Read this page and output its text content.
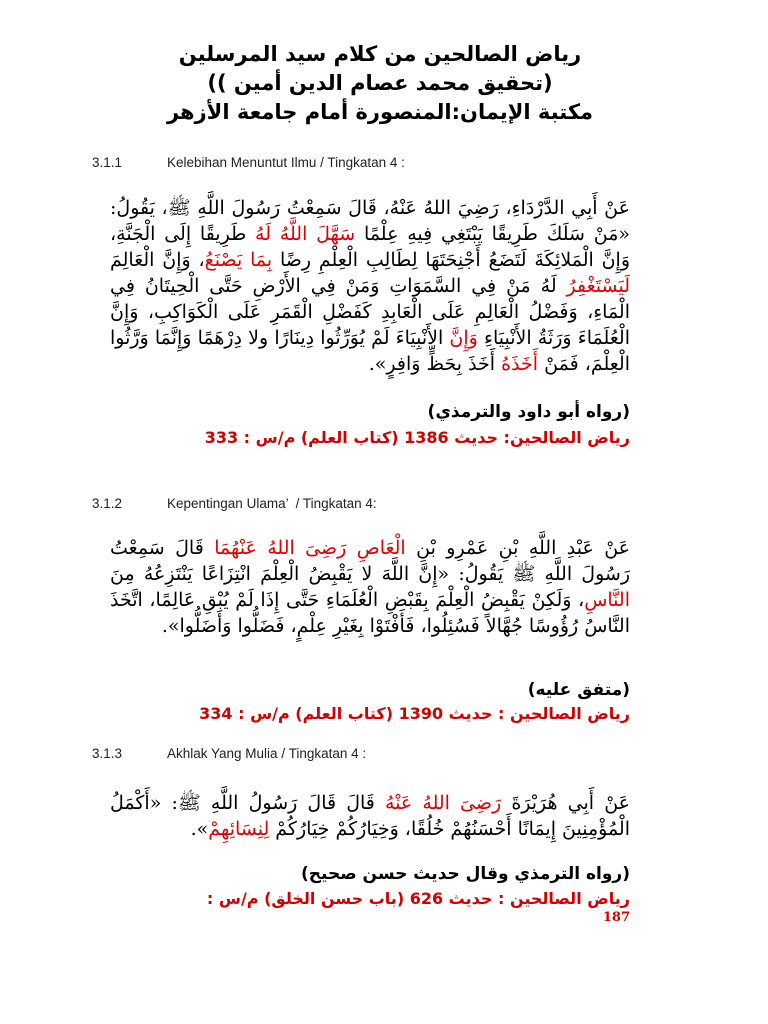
رياض الصالحين من كلام سيد المرسلين
(تحقيق محمد عصام الدين أمين ))
مكتبة الإيمان:المنصورة أمام جامعة الأزهر
3.1.1	Kelebihan Menuntut Ilmu / Tingkatan 4 :
عَنْ أَبِي الدَّرْدَاءِ، رَضِيَ اللهُ عَنْهُ، قَالَ سَمِعْتُ رَسُولَ اللَّهِ ﷺ، يَقُولُ: «مَنْ سَلَكَ طَرِيقًا يَبْتَغِي فِيهِ عِلْمًا سَهَّلَ اللَّهُ لَهُ طَرِيقًا إِلَى الْجَنَّةِ، وَإِنَّ الْمَلائِكَةَ لَتَضَعُ أَجْنِحَتَهَا لِطَالِبِ الْعِلْمِ رِضًا بِمَا يَصْنَعُ، وَإِنَّ الْعَالِمَ لَيَسْتَغْفِرُ لَهُ مَنْ فِي السَّمَوَاتِ وَمَنْ فِي الأَرْضِ حَتَّى الْحِيتَانُ فِي الْمَاءِ، وَفَضْلُ الْعَالِمِ عَلَى الْعَابِدِ كَفَضْلِ الْقَمَرِ عَلَى الْكَوَاكِبِ، وَإِنَّ الْعُلَمَاءَ وَرَثَةُ الأَنْبِيَاءِ وَإِنَّ الأَنْبِيَاءَ لَمْ يُوَرِّثُوا دِينَارًا ولا دِرْهَمًا وَإِنَّمَا وَرَّثُوا الْعِلْمَ، فَمَنْ أَخَذَهُ أَخَذَ بِحَظٍّ وَافِرٍ».
(رواه أبو داود والترمذي)
رياض الصالحين: حديث 1386 (كتاب العلم) م/س : 333
3.1.2	Kepentingan Ulama’  / Tingkatan 4:
عَنْ عَبْدِ اللَّهِ بْنِ عَمْرِو بْنِ الْعَاصِ رَضِىَ اللهُ عَنْهُمَا قَالَ سَمِعْتُ رَسُولَ اللَّهِ ﷺ يَقُولُ: «إِنَّ اللَّهَ لا يَقْبِضُ الْعِلْمَ انْتِزَاعًا يَنْتَزِعُهُ مِنَ النَّاسِ، وَلَكِنْ يَقْبِضُ الْعِلْمَ بِقَبْضِ الْعُلَمَاءِ حَتَّى إِذَا لَمْ يُبْقِ عَالِمًا، اتَّخَذَ النَّاسُ رُؤُوسًا جُهَّالاً فَسُئِلُوا، فَأَفْتَوْا بِغَيْرِ عِلْمٍ، فَضَلُّوا وَأَضَلُّوا».
(متفق عليه)
رياض الصالحين : حديث 1390 (كتاب العلم) م/س : 334
3.1.3	Akhlak Yang Mulia / Tingkatan 4 :
عَنْ أَبِي هُرَيْرَةَ رَضِىَ اللهُ عَنْهُ قَالَ قَالَ رَسُولُ اللَّهِ ﷺ: «أَكْمَلُ الْمُؤْمِنِينَ إِيمَانًا أَحْسَنُهُمْ خُلُقًا، وَخِيَارُكُمْ خِيَارُكُمْ لِنِسَائِهِمْ».
(رواه الترمذي وقال حديث حسن صحيح)
رياض الصالحين : حديث 626 (باب حسن الخلق) م/س :
187
